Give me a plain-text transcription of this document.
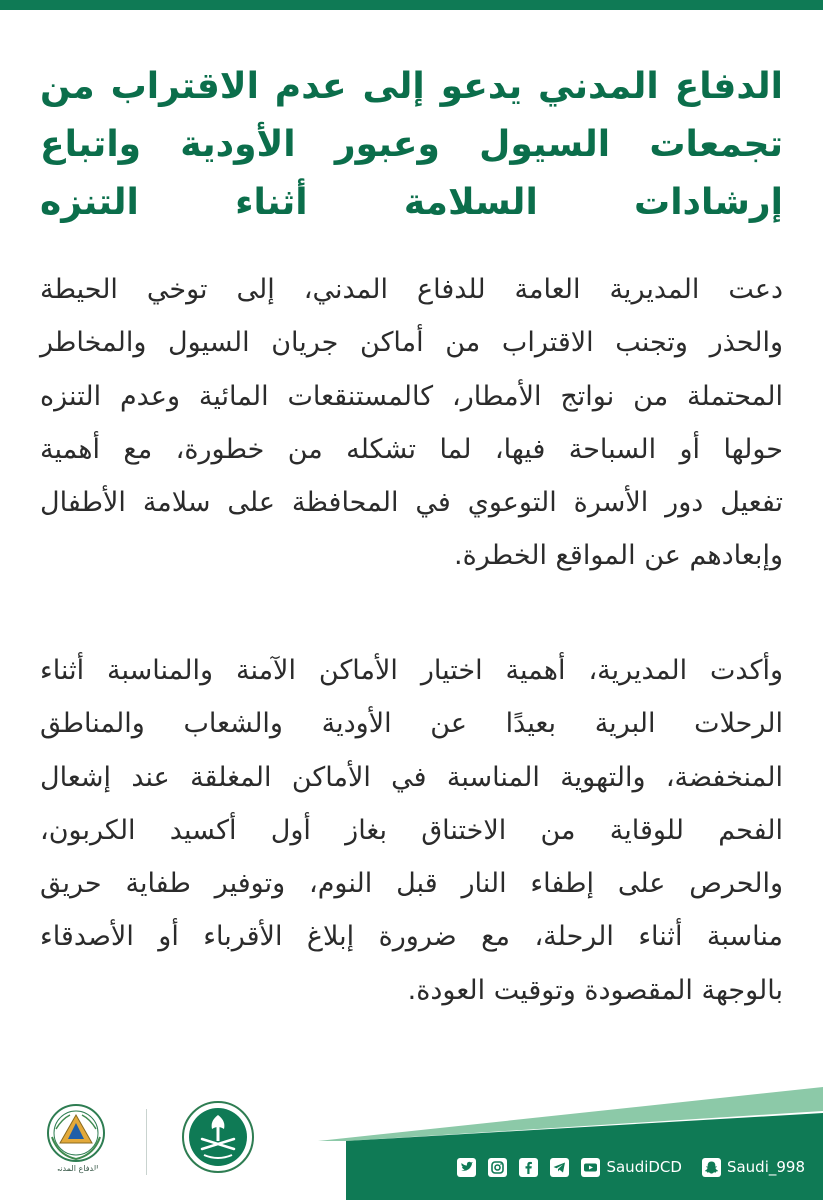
الدفاع المدني يدعو إلى عدم الاقتراب من
تجمعات السيول وعبور الأودية واتباع
إرشادات السلامة أثناء التنزه
دعت المديرية العامة للدفاع المدني، إلى توخي الحيطة
والحذر وتجنب الاقتراب من أماكن جريان السيول والمخاطر
المحتملة من نواتج الأمطار، كالمستنقعات المائية وعدم التنزه
حولها أو السباحة فيها، لما تشكله من خطورة، مع أهمية
تفعيل دور الأسرة التوعوي في المحافظة على سلامة الأطفال
وإبعادهم عن المواقع الخطرة.
وأكدت المديرية، أهمية اختيار الأماكن الآمنة والمناسبة أثناء
الرحلات البرية بعيدًا عن الأودية والشعاب والمناطق
المنخفضة، والتهوية المناسبة في الأماكن المغلقة عند إشعال
الفحم للوقاية من الاختناق بغاز أول أكسيد الكربون،
والحرص على إطفاء النار قبل النوم، وتوفير طفاية حريق
مناسبة أثناء الرحلة، مع ضرورة إبلاغ الأقرباء أو الأصدقاء
بالوجهة المقصودة وتوقيت العودة.
الدفاع المدني	SaudiDCD	Saudi_998
